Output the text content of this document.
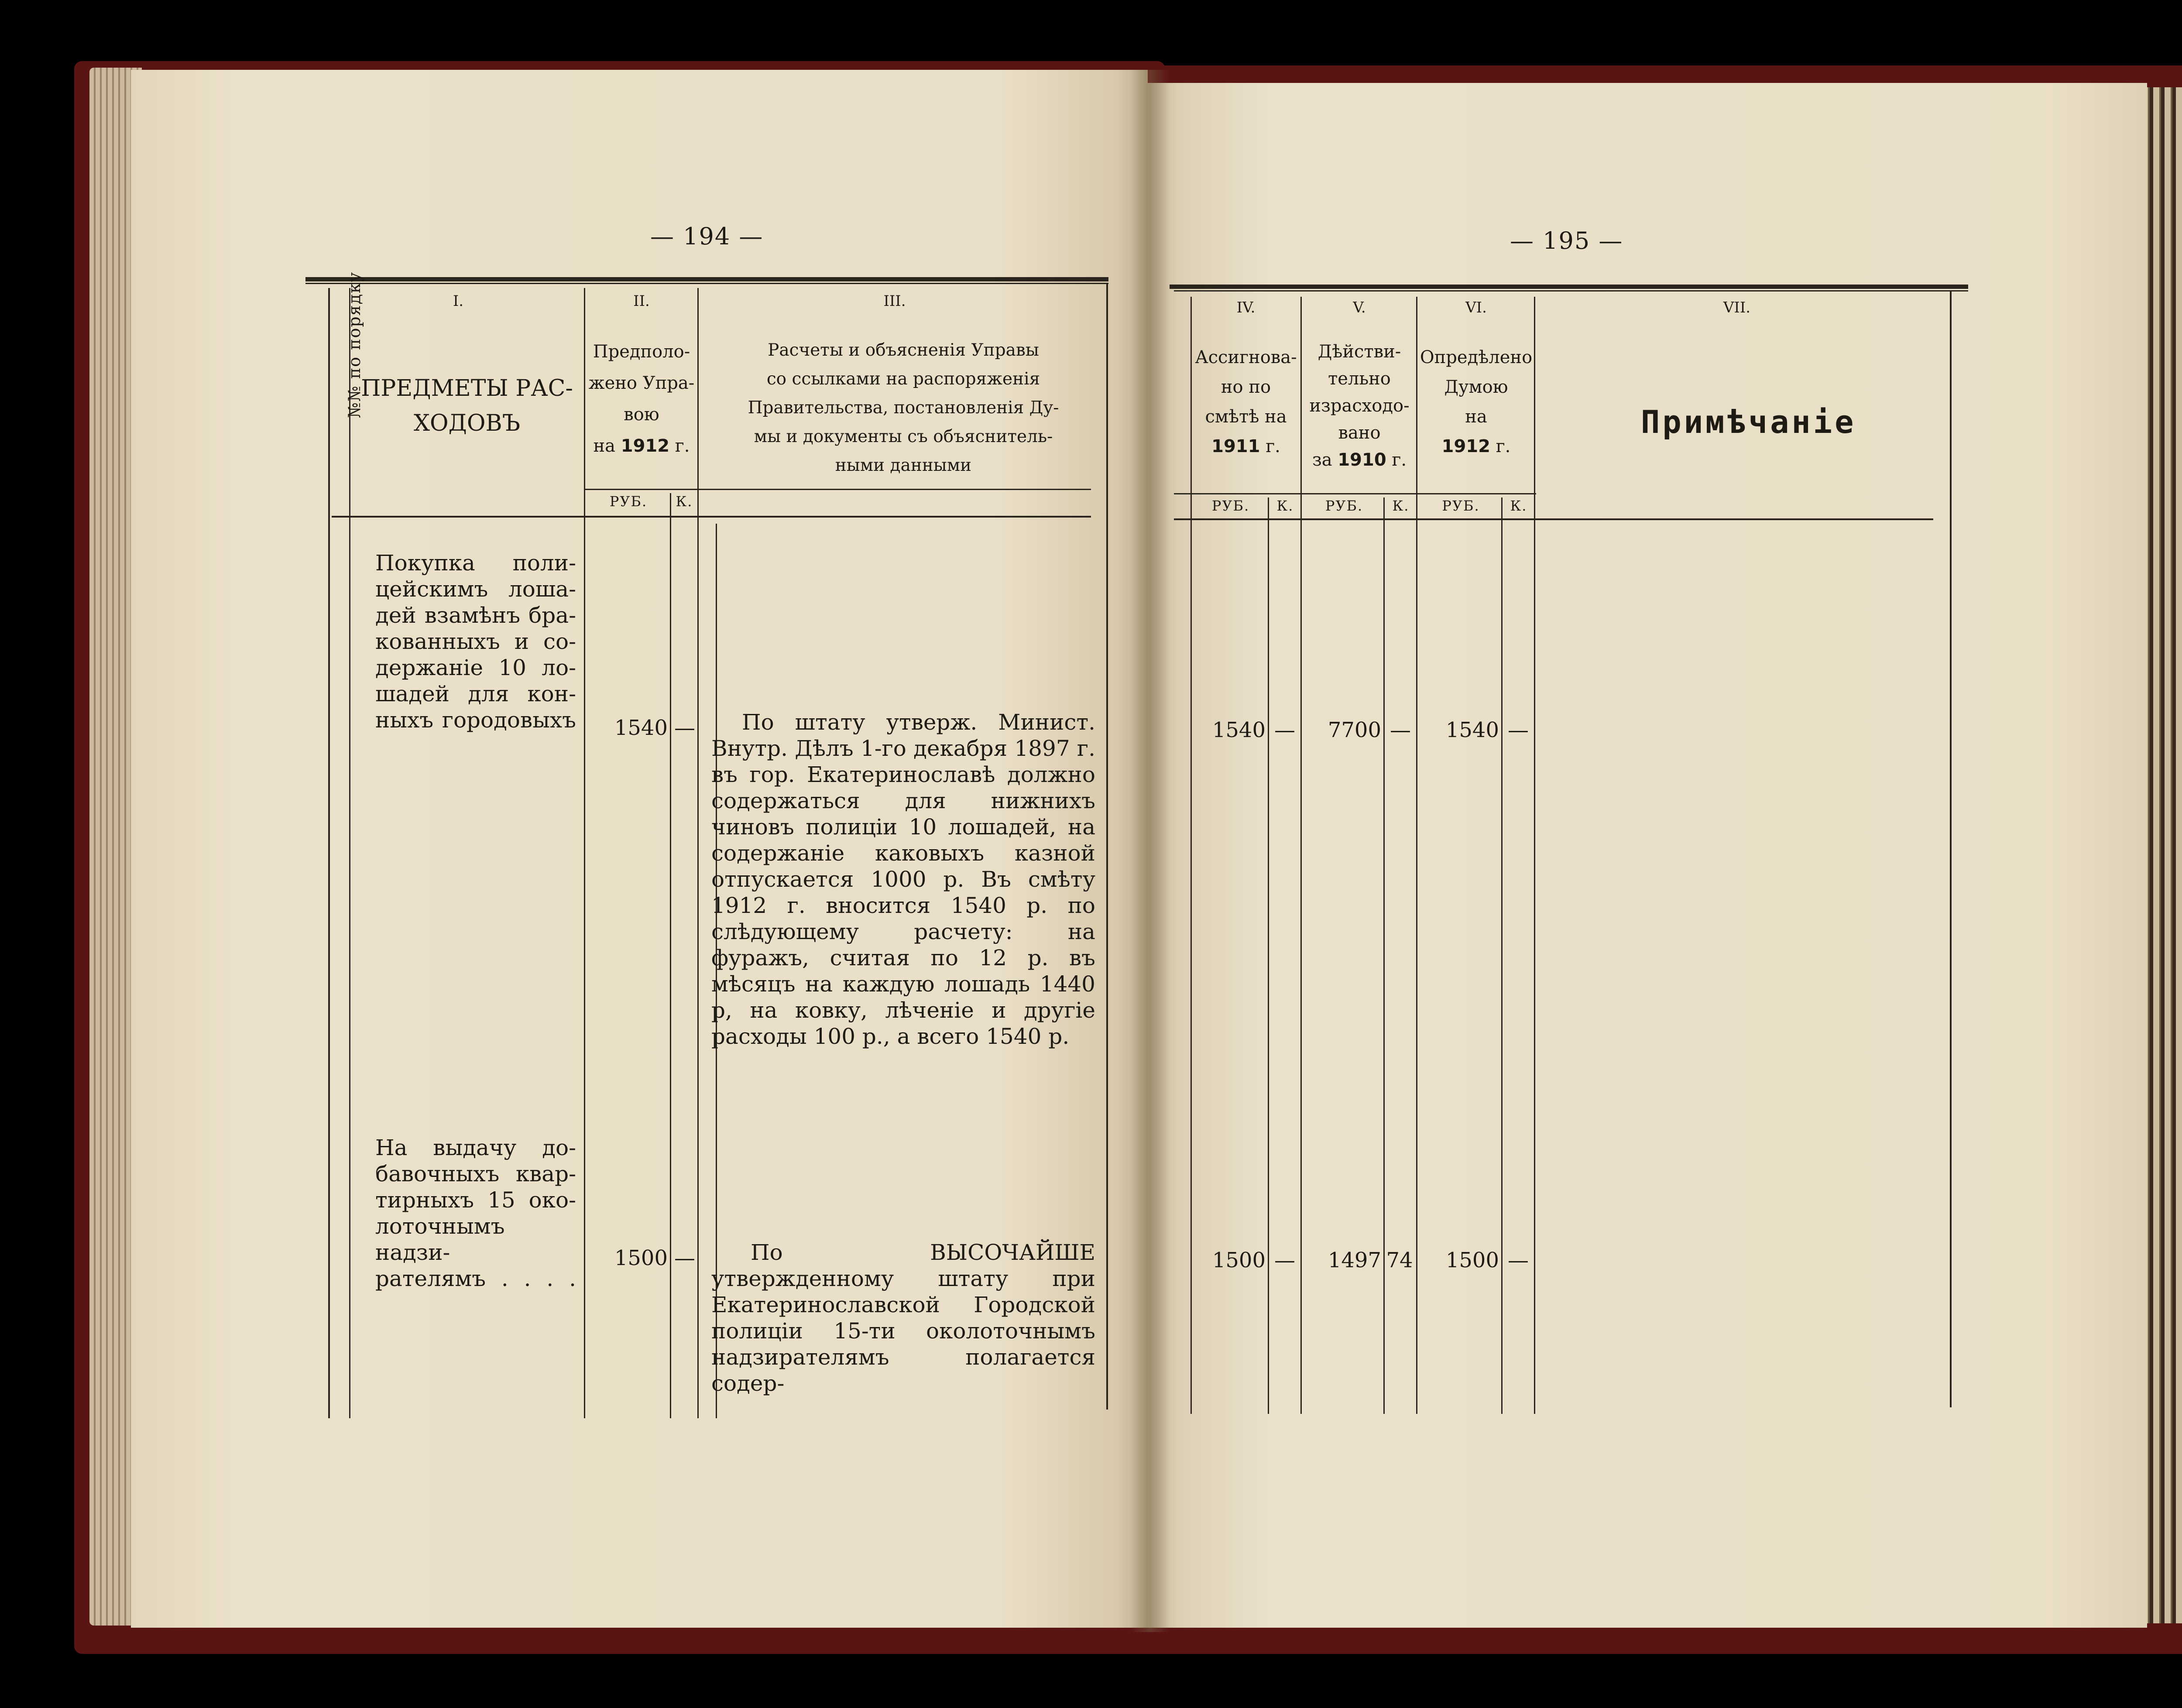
— 194 —
№№ по порядку	I.
ПРЕДМЕТЫ РАС-
ХОДОВЪ
II.
Предполо-
жено Упра-
вою
на 1912 г.
РУБ.	К.
III.
Расчеты и объясненія Управы
со ссылками на распоряженія
Правительства, постановленія Ду-
мы и документы съ объяснитель-
ными данными
Покупка поли-
цейскимъ лоша-
дей взамѣнъ бра-
кованныхъ и со-
держаніе 10 ло-
шадей для кон-
ныхъ городовыхъ	1540 —	По штату утверж. Минист. Внутр. Дѣлъ 1-го декабря 1897 г. въ гор. Екатеринославѣ должно содержаться для нижнихъ чиновъ полиціи 10 лошадей, на содержаніе каковыхъ казной отпускается 1000 р. Въ смѣту 1912 г. вносится 1540 р. по слѣдующему расчету: на фуражъ, считая по 12 р. въ мѣсяцъ на каждую лошадь 1440 р, на ковку, лѣченіе и другіе расходы 100 р., а всего 1540 р.
На выдачу до-
бавочныхъ квар-
тирныхъ 15 око-
лоточнымъ надзи-
рателямъ . . . .
1500 —	По ВЫСОЧАЙШЕ утвержденному штату при Екатеринославской Городской полиціи 15-ти околоточнымъ надзирателямъ полагается содер-
— 195 —
IV.
Ассигнова-
но по
смѣтѣ на
1911 г.
РУБ.	К.
V.
Дѣйстви-
тельно
израсходо-
вано
за 1910 г.
РУБ.	К.
VI.
Опредѣлено
Думою
на
1912 г.
РУБ.	К.
VII.
Примѣчаніе
1540 —	7700 —	1540 —
1500 —	1497 74	1500 —
